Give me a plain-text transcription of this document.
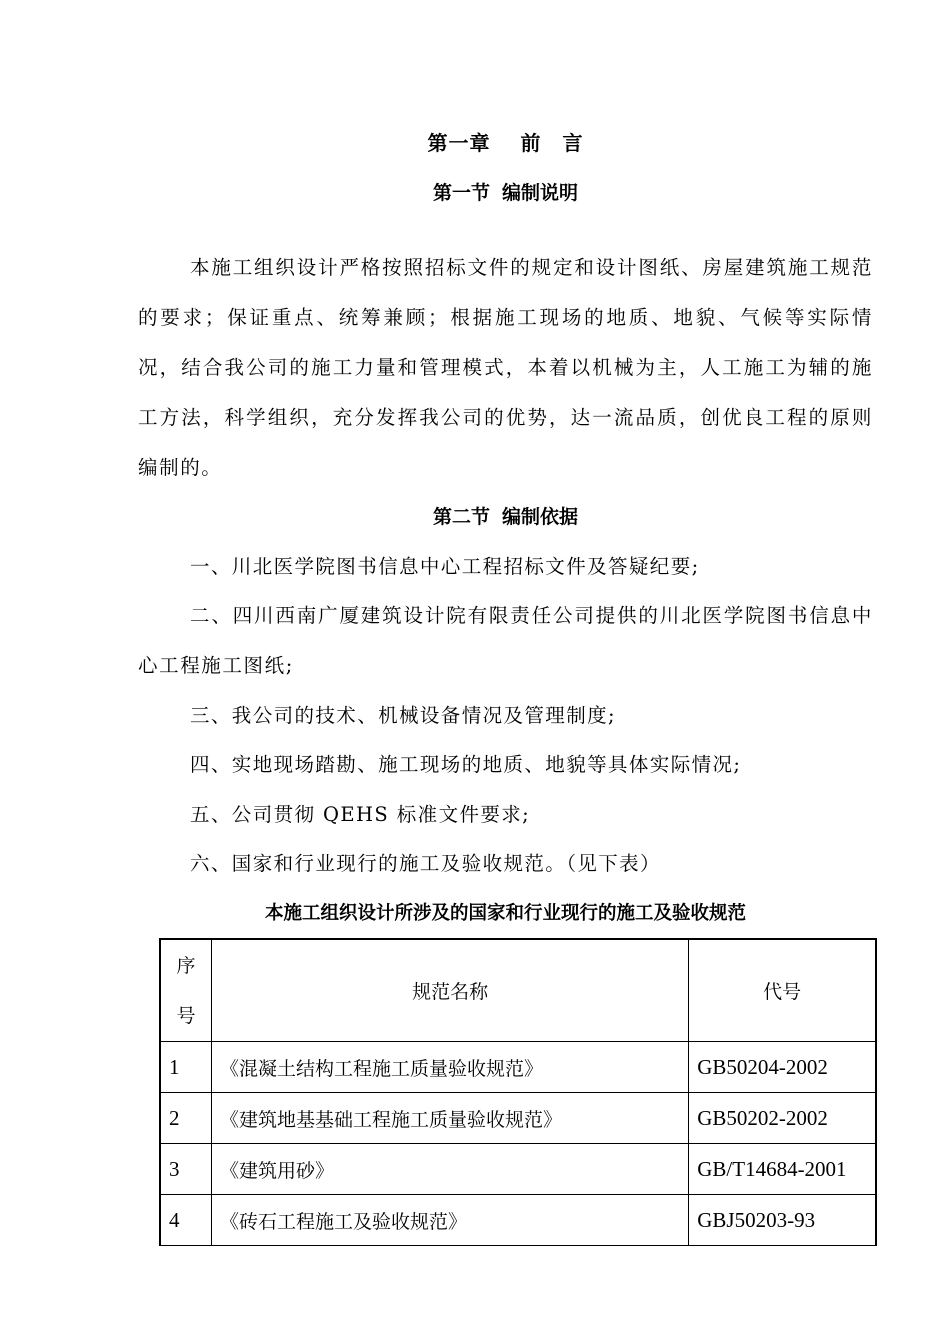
第一章 前　言
第一节 编制说明
本施工组织设计严格按照招标文件的规定和设计图纸、房屋建筑施工规范的要求；保证重点、统筹兼顾；根据施工现场的地质、地貌、气候等实际情况，结合我公司的施工力量和管理模式，本着以机械为主，人工施工为辅的施工方法，科学组织，充分发挥我公司的优势，达一流品质，创优良工程的原则编制的。
第二节 编制依据
一、川北医学院图书信息中心工程招标文件及答疑纪要;
二、四川西南广厦建筑设计院有限责任公司提供的川北医学院图书信息中心工程施工图纸;
三、我公司的技术、机械设备情况及管理制度;
四、实地现场踏勘、施工现场的地质、地貌等具体实际情况;
五、公司贯彻 QEHS 标准文件要求;
六、国家和行业现行的施工及验收规范。（见下表）
本施工组织设计所涉及的国家和行业现行的施工及验收规范
序
号	规范名称	代号
1	《混凝土结构工程施工质量验收规范》	GB50204-2002
2	《建筑地基基础工程施工质量验收规范》	GB50202-2002
3	《建筑用砂》	GB/T14684-2001
4	《砖石工程施工及验收规范》	GBJ50203-93
